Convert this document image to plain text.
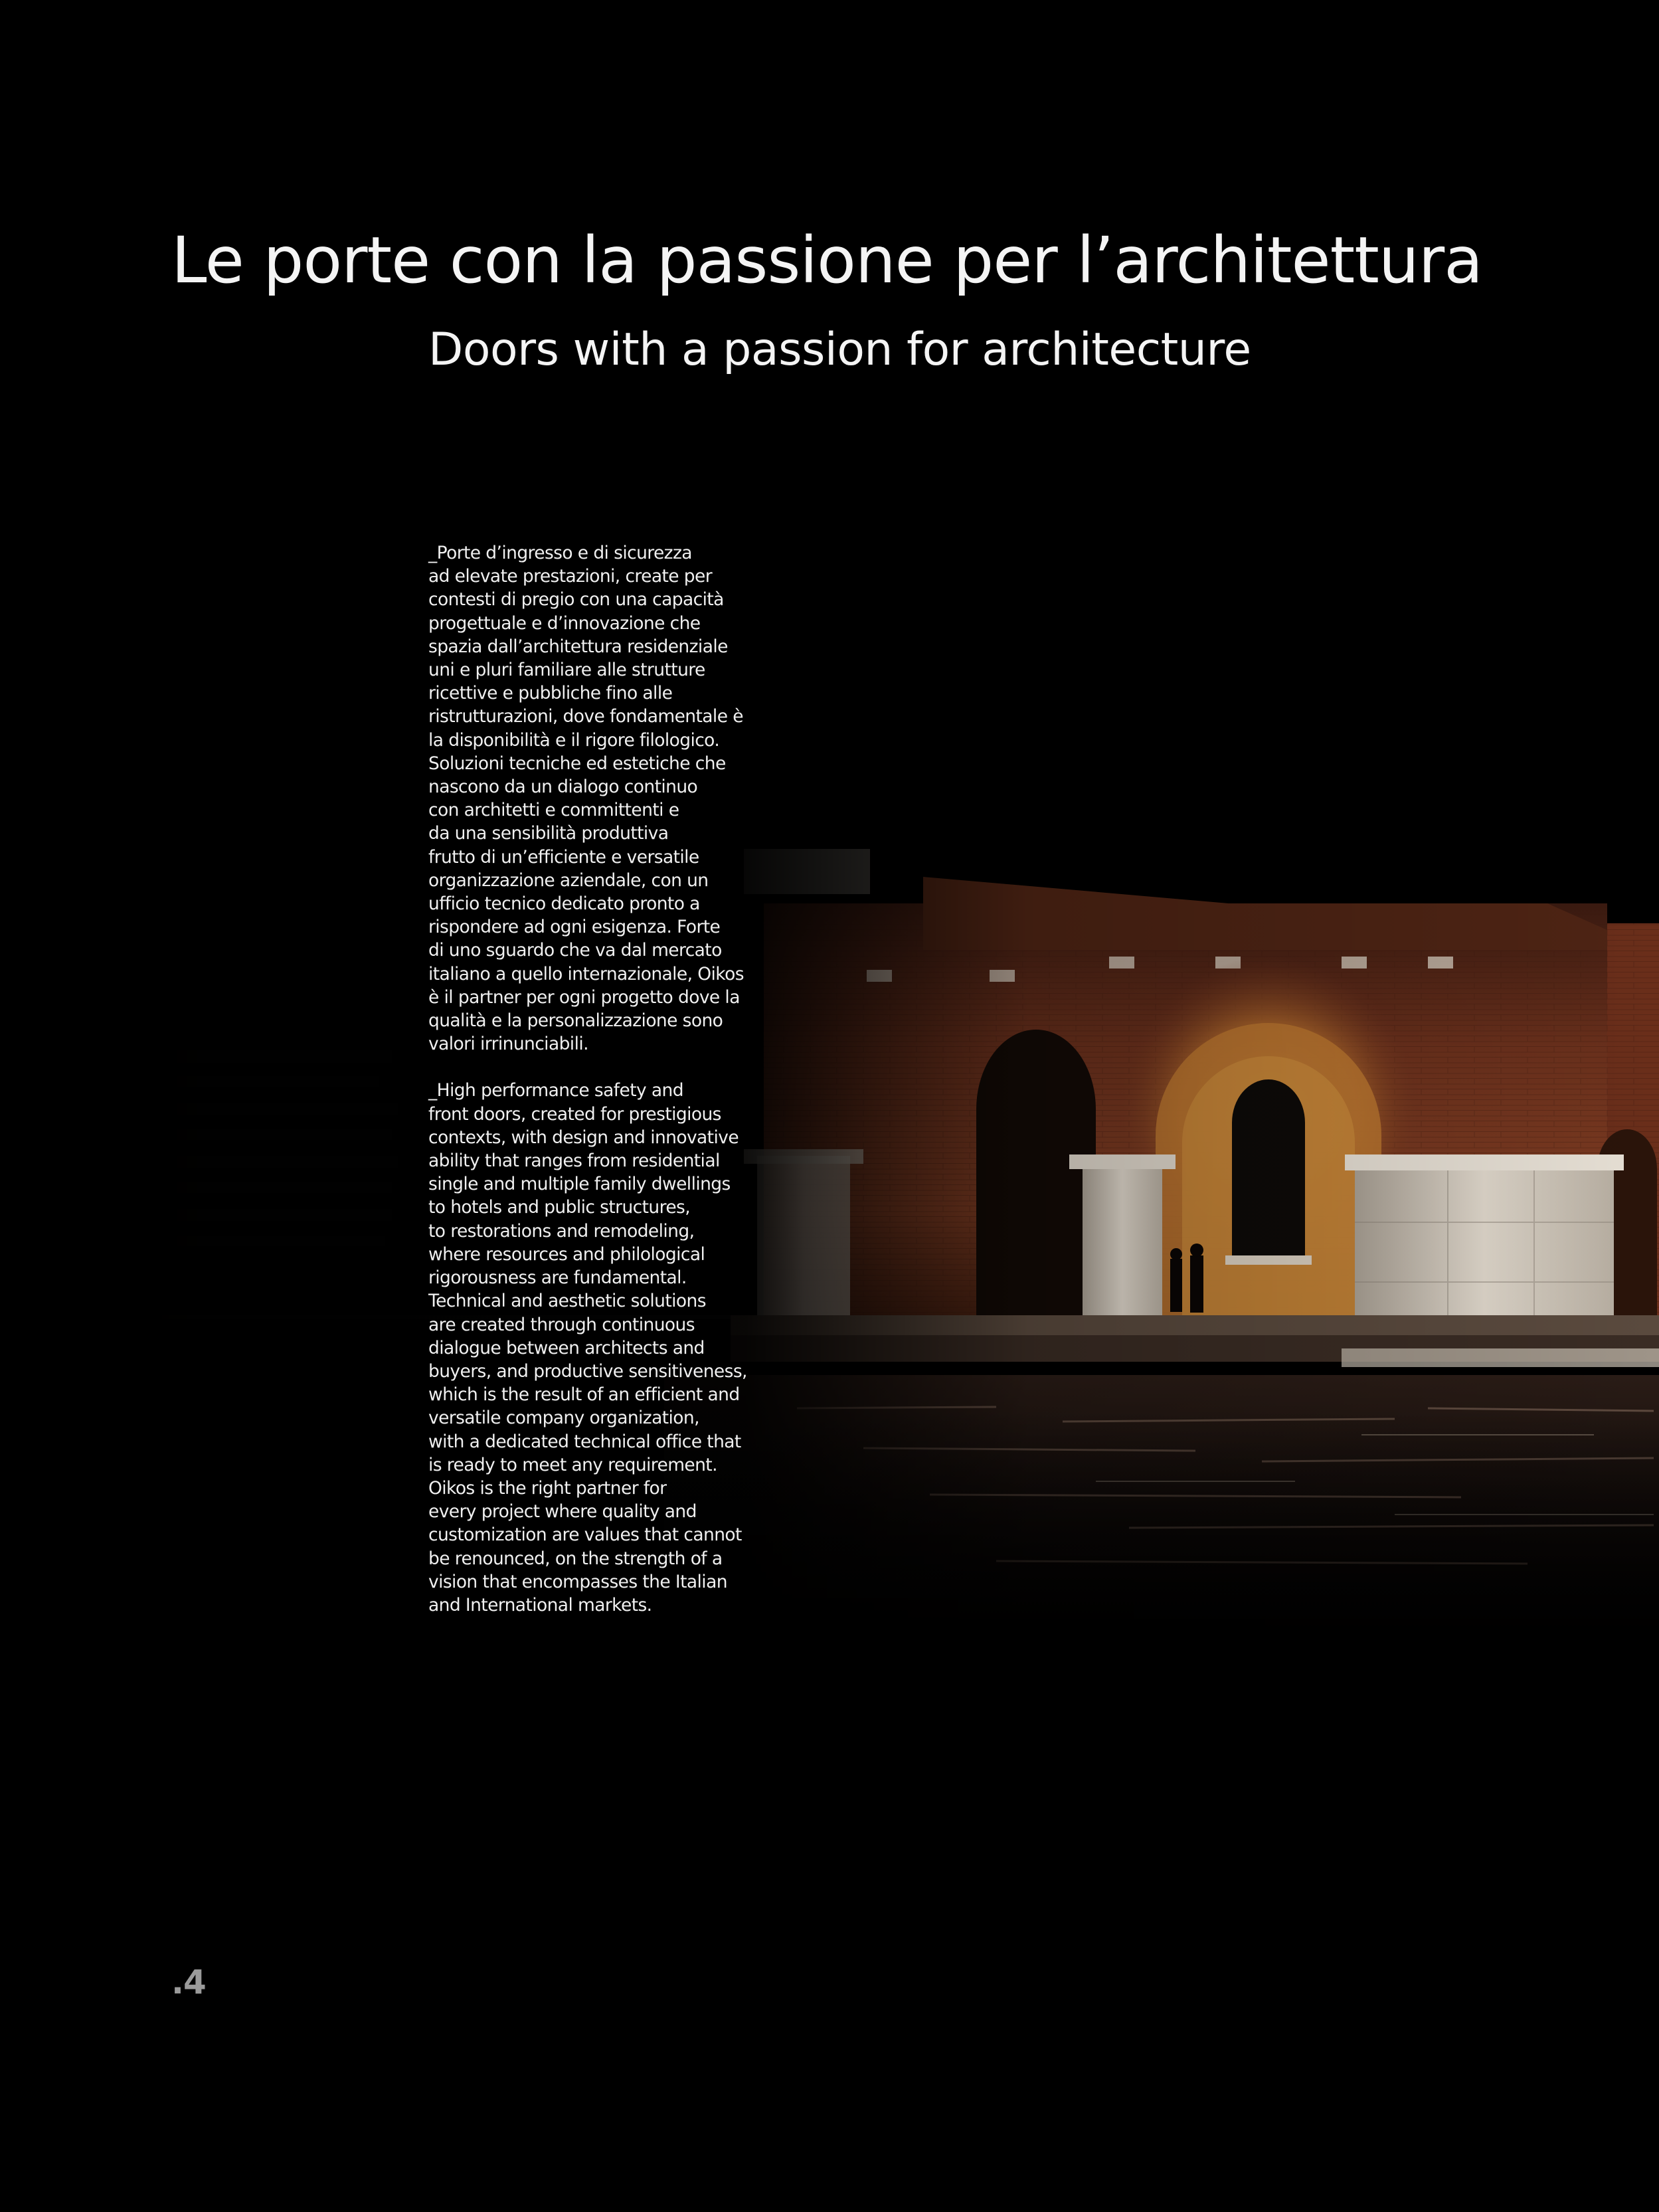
Le porte con la passione per l’architettura
Doors with a passion for architecture

_Porte d’ingresso e di sicurezza
ad elevate prestazioni, create per
contesti di pregio con una capacità
progettuale e d’innovazione che
spazia dall’architettura residenziale
uni e pluri familiare alle strutture
ricettive e pubbliche fino alle
ristrutturazioni, dove fondamentale è
la disponibilità e il rigore filologico.
Soluzioni tecniche ed estetiche che
nascono da un dialogo continuo
con architetti e committenti e
da una sensibilità produttiva
frutto di un’efficiente e versatile
organizzazione aziendale, con un
ufficio tecnico dedicato pronto a
rispondere ad ogni esigenza. Forte
di uno sguardo che va dal mercato
italiano a quello internazionale, Oikos
è il partner per ogni progetto dove la
qualità e la personalizzazione sono
valori irrinunciabili.

_High performance safety and
front doors, created for prestigious
contexts, with design and innovative
ability that ranges from residential
single and multiple family dwellings
to hotels and public structures,
to restorations and remodeling,
where resources and philological
rigorousness are fundamental.
Technical and aesthetic solutions
are created through continuous
dialogue between architects and
buyers, and productive sensitiveness,
which is the result of an efficient and
versatile company organization,
with a dedicated technical office that
is ready to meet any requirement.
Oikos is the right partner for
every project where quality and
customization are values that cannot
be renounced, on the strength of a
vision that encompasses the Italian
and International markets.

.4
